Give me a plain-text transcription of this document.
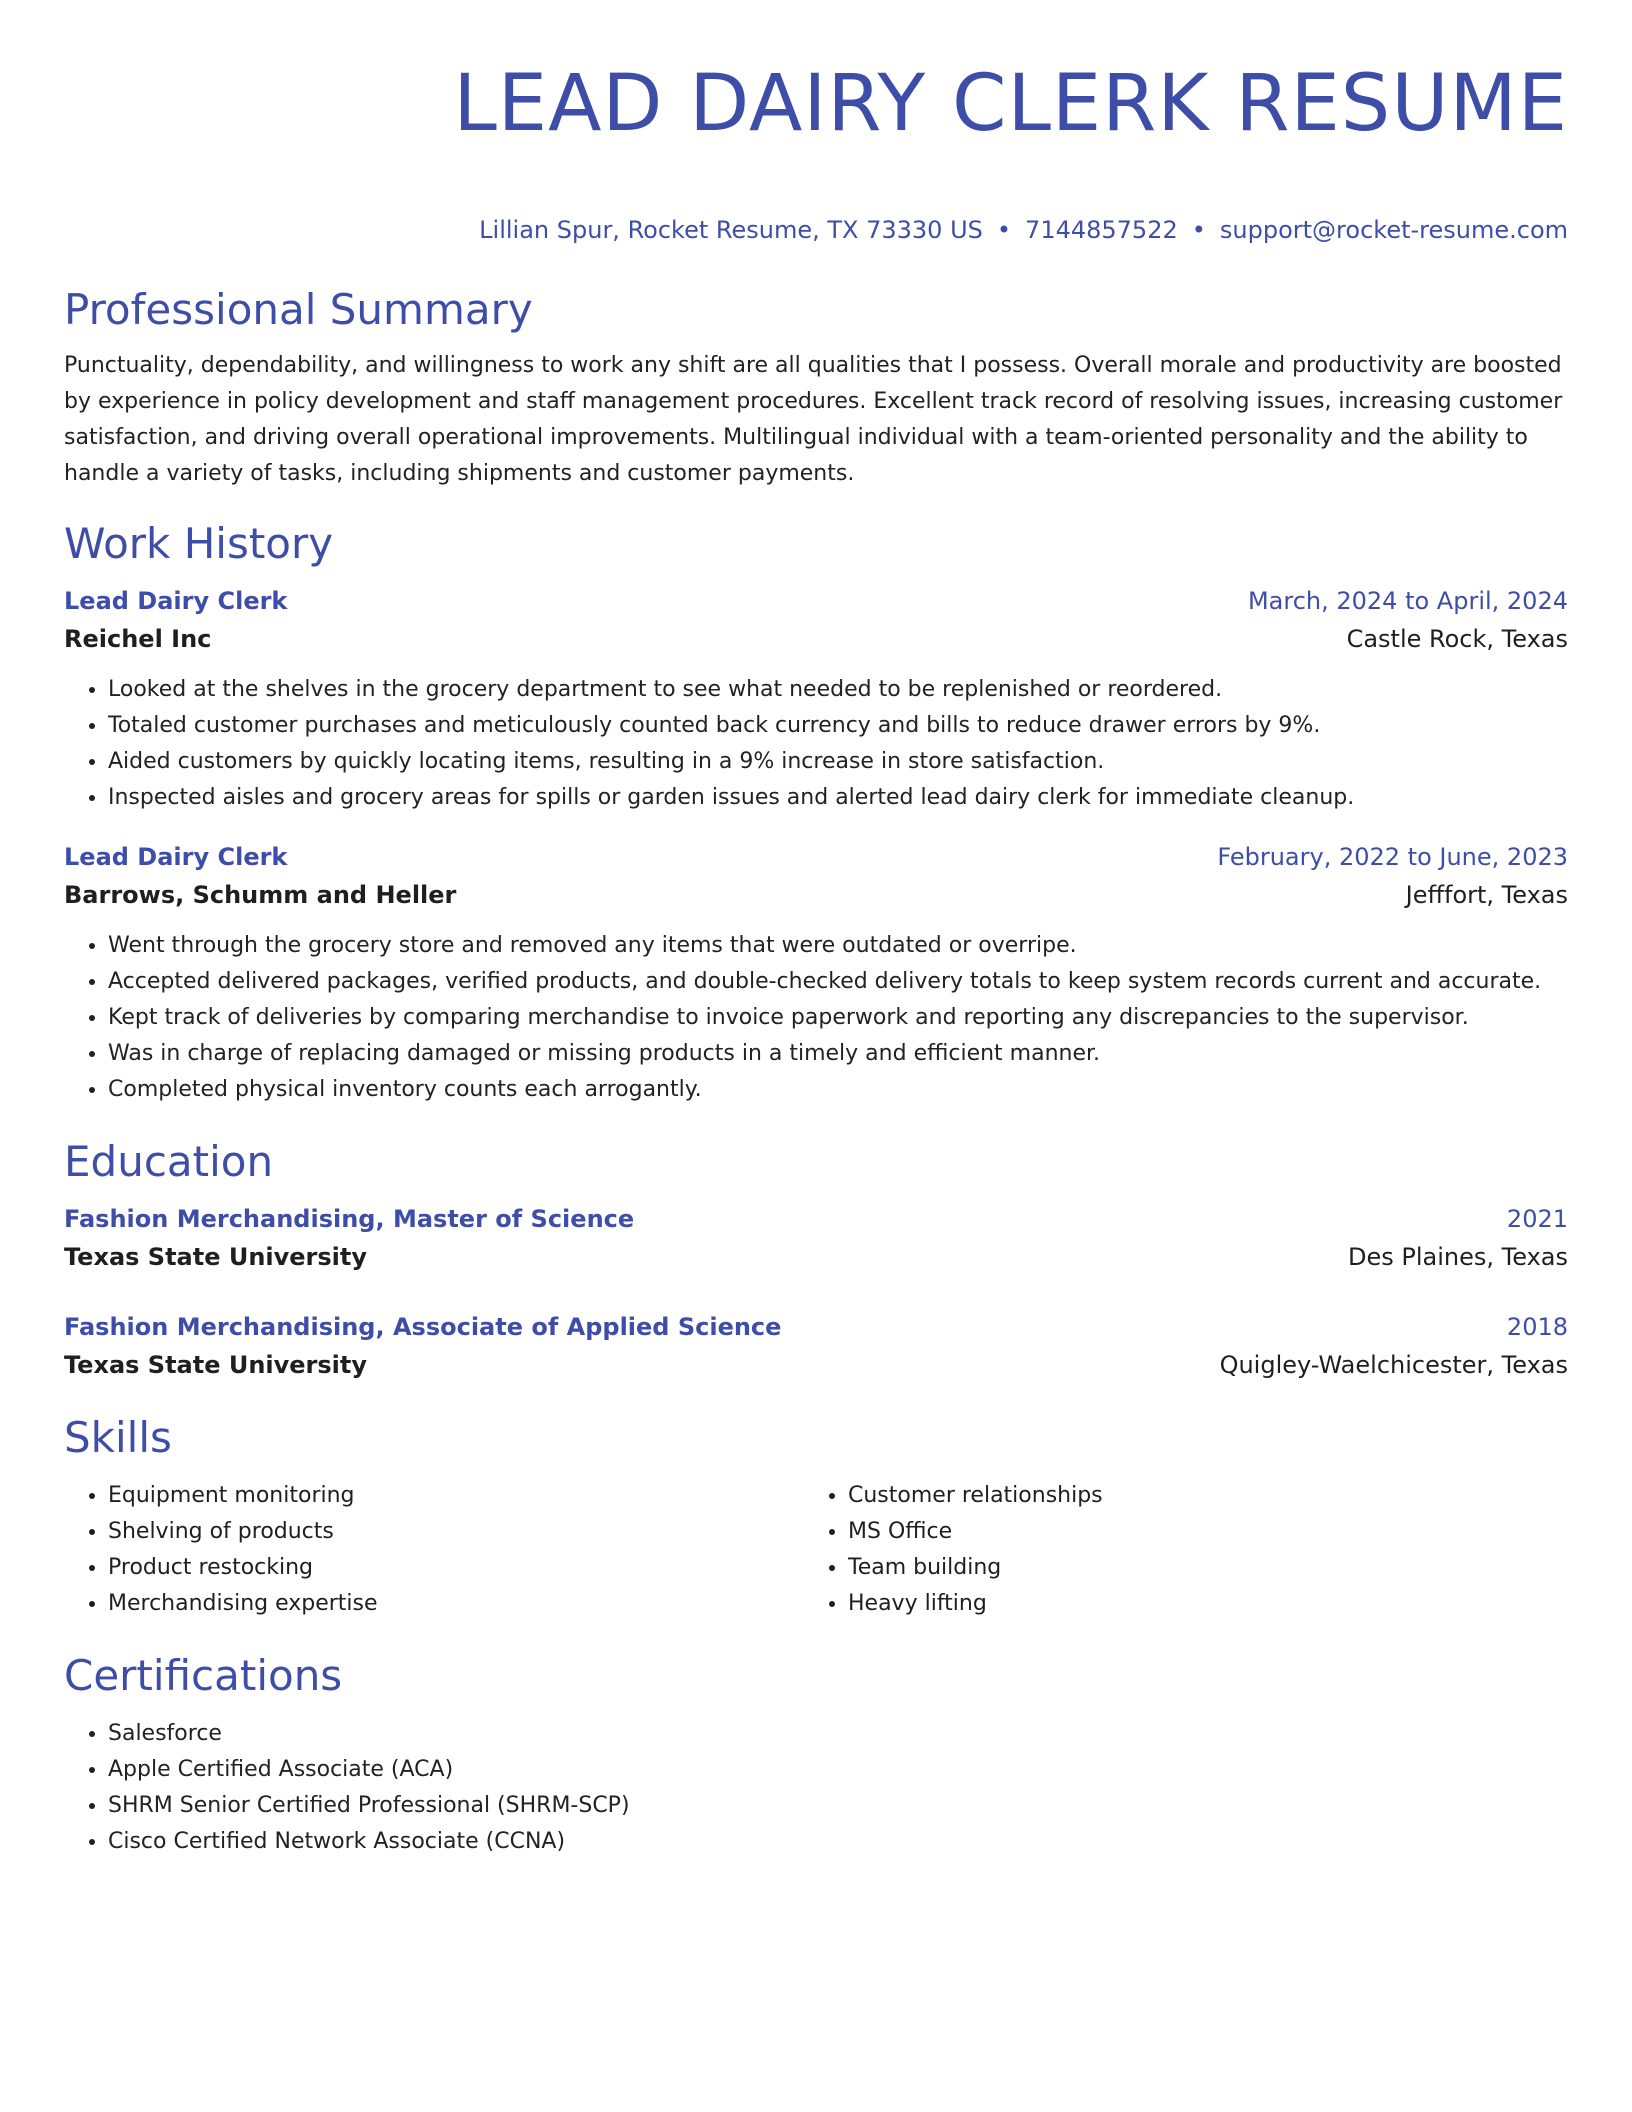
LEAD DAIRY CLERK RESUME
Lillian Spur, Rocket Resume, TX 73330 US • 7144857522 • support@rocket-resume.com
Professional Summary
Punctuality, dependability, and willingness to work any shift are all qualities that I possess. Overall morale and productivity are boosted by experience in policy development and staff management procedures. Excellent track record of resolving issues, increasing customer satisfaction, and driving overall operational improvements. Multilingual individual with a team-oriented personality and the ability to handle a variety of tasks, including shipments and customer payments.
Work History
Lead Dairy Clerk	March, 2024 to April, 2024
Reichel Inc	Castle Rock, Texas
• Looked at the shelves in the grocery department to see what needed to be replenished or reordered.
• Totaled customer purchases and meticulously counted back currency and bills to reduce drawer errors by 9%.
• Aided customers by quickly locating items, resulting in a 9% increase in store satisfaction.
• Inspected aisles and grocery areas for spills or garden issues and alerted lead dairy clerk for immediate cleanup.
Lead Dairy Clerk	February, 2022 to June, 2023
Barrows, Schumm and Heller	Jefffort, Texas
• Went through the grocery store and removed any items that were outdated or overripe.
• Accepted delivered packages, verified products, and double-checked delivery totals to keep system records current and accurate.
• Kept track of deliveries by comparing merchandise to invoice paperwork and reporting any discrepancies to the supervisor.
• Was in charge of replacing damaged or missing products in a timely and efficient manner.
• Completed physical inventory counts each arrogantly.
Education
Fashion Merchandising, Master of Science	2021
Texas State University	Des Plaines, Texas
Fashion Merchandising, Associate of Applied Science	2018
Texas State University	Quigley-Waelchicester, Texas
Skills
• Equipment monitoring
• Shelving of products
• Product restocking
• Merchandising expertise
• Customer relationships
• MS Office
• Team building
• Heavy lifting
Certifications
• Salesforce
• Apple Certified Associate (ACA)
• SHRM Senior Certified Professional (SHRM-SCP)
• Cisco Certified Network Associate (CCNA)
